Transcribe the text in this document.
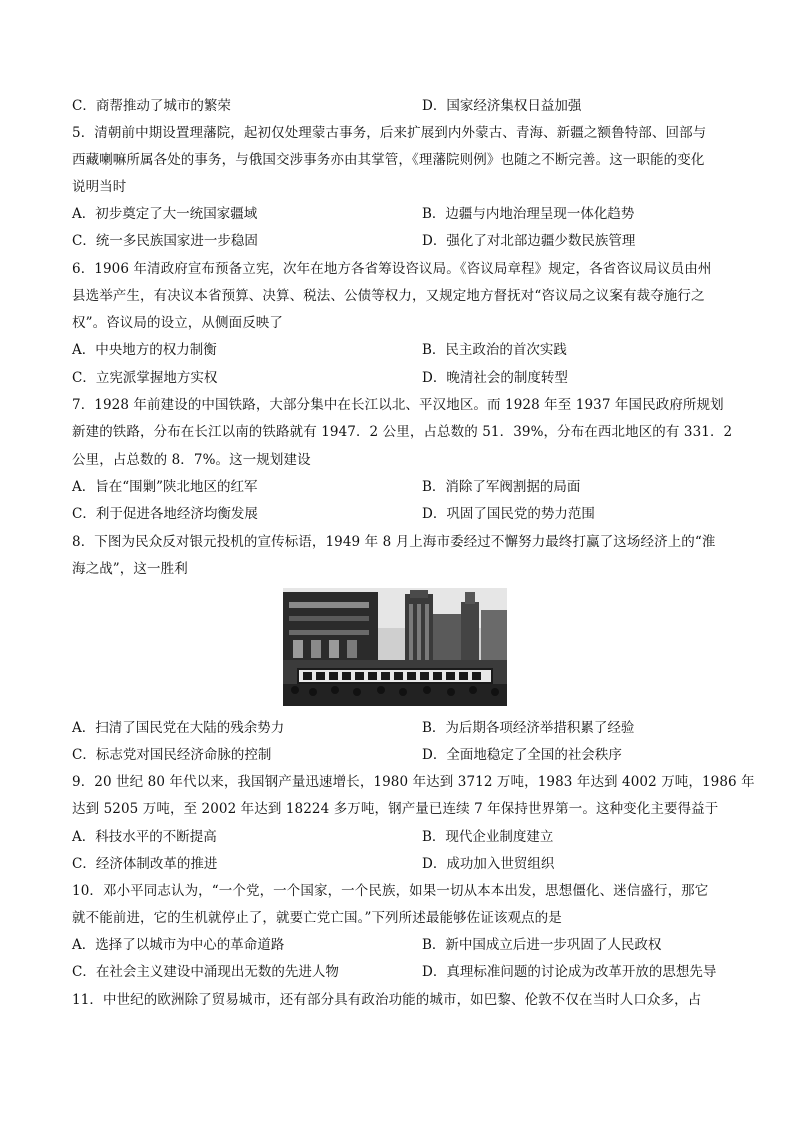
C．商帮推动了城市的繁荣	D．国家经济集权日益加强
5．清朝前中期设置理藩院，起初仅处理蒙古事务，后来扩展到内外蒙古、青海、新疆之额鲁特部、回部与
西藏喇嘛所属各处的事务，与俄国交涉事务亦由其掌管，《理藩院则例》也随之不断完善。这一职能的变化
说明当时
A．初步奠定了大一统国家疆域	B．边疆与内地治理呈现一体化趋势
C．统一多民族国家进一步稳固	D．强化了对北部边疆少数民族管理
6．1906 年清政府宣布预备立宪，次年在地方各省筹设咨议局。《咨议局章程》规定，各省咨议局议员由州
县选举产生，有决议本省预算、决算、税法、公债等权力，又规定地方督抚对“咨议局之议案有裁夺施行之
权”。咨议局的设立，从侧面反映了
A．中央地方的权力制衡	B．民主政治的首次实践
C．立宪派掌握地方实权	D．晚清社会的制度转型
7．1928 年前建设的中国铁路，大部分集中在长江以北、平汉地区。而 1928 年至 1937 年国民政府所规划
新建的铁路，分布在长江以南的铁路就有 1947．2 公里，占总数的 51．39%，分布在西北地区的有 331．2
公里，占总数的 8．7%。这一规划建设
A．旨在“围剿”陕北地区的红军	B．消除了军阀割据的局面
C．利于促进各地经济均衡发展	D．巩固了国民党的势力范围
8．下图为民众反对银元投机的宣传标语，1949 年 8 月上海市委经过不懈努力最终打赢了这场经济上的“淮
海之战”，这一胜利
A．扫清了国民党在大陆的残余势力	B．为后期各项经济举措积累了经验
C．标志党对国民经济命脉的控制	D．全面地稳定了全国的社会秩序
9．20 世纪 80 年代以来，我国钢产量迅速增长，1980 年达到 3712 万吨，1983 年达到 4002 万吨，1986 年
达到 5205 万吨，至 2002 年达到 18224 多万吨，钢产量已连续 7 年保持世界第一。这种变化主要得益于
A．科技水平的不断提高	B．现代企业制度建立
C．经济体制改革的推进	D．成功加入世贸组织
10．邓小平同志认为，“一个党，一个国家，一个民族，如果一切从本本出发，思想僵化、迷信盛行，那它
就不能前进，它的生机就停止了，就要亡党亡国。”下列所述最能够佐证该观点的是
A．选择了以城市为中心的革命道路	B．新中国成立后进一步巩固了人民政权
C．在社会主义建设中涌现出无数的先进人物	D．真理标准问题的讨论成为改革开放的思想先导
11．中世纪的欧洲除了贸易城市，还有部分具有政治功能的城市，如巴黎、伦敦不仅在当时人口众多，占
